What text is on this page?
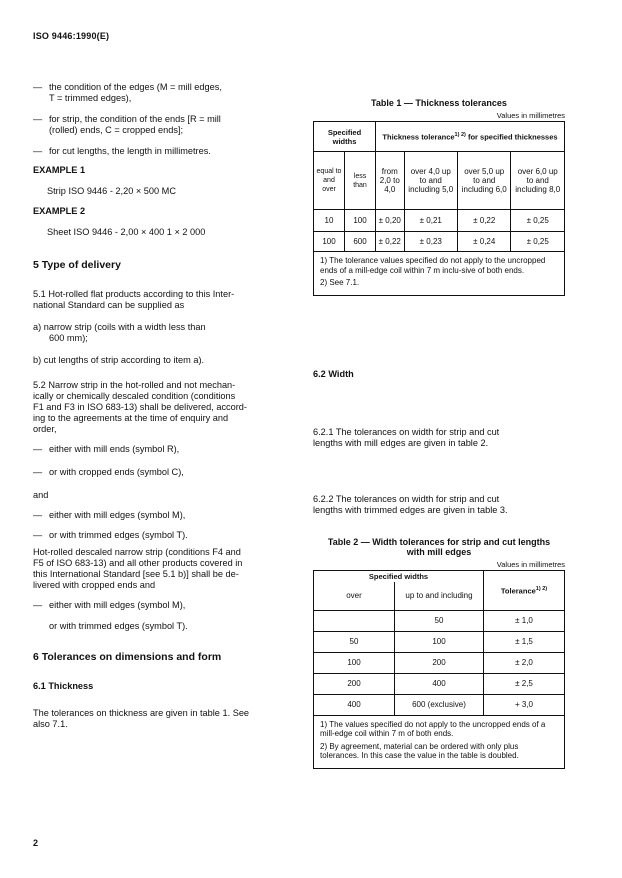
ISO 9446:1990(E)
— the condition of the edges (M = mill edges,
T = trimmed edges),
— for strip, the condition of the ends [R = mill
(rolled) ends, C = cropped ends];
— for cut lengths, the length in millimetres.

EXAMPLE 1

Strip ISO 9446 - 2,20 × 500 MC

EXAMPLE 2

Sheet ISO 9446 - 2,00 × 400 1 × 2 000

5 Type of delivery

5.1 Hot-rolled flat products according to this Inter-
national Standard can be supplied as

a) narrow strip (coils with a width less than
600 mm);

b) cut lengths of strip according to item a).

5.2 Narrow strip in the hot-rolled and not mechan-
ically or chemically descaled condition (conditions
F1 and F3 in ISO 683-13) shall be delivered, accord-
ing to the agreements at the time of enquiry and
order,

— either with mill ends (symbol R),
— or with cropped ends (symbol C),

and

— either with mill edges (symbol M),
— or with trimmed edges (symbol T).

Hot-rolled descaled narrow strip (conditions F4 and
F5 of ISO 683-13) and all other products covered in
this International Standard [see 5.1 b)] shall be de-
livered with cropped ends and

— either with mill edges (symbol M),

or with trimmed edges (symbol T).

6 Tolerances on dimensions and form

6.1 Thickness

The tolerances on thickness are given in table 1. See
also 7.1.

Table 1 — Thickness tolerances
Values in millimetres
Specified widths		Thickness tolerance$^{1) 2)}$ for specified thicknesses			
equal to and over	less than	from 2,0 to 4,0	over 4,0 up to and including 5,0	over 5,0 up to and including 6,0	over 6,0 up to and including 8,0
10	100	± 0,20	± 0,21	± 0,22	± 0,25
100	600	± 0,22	± 0,23	± 0,24	± 0,25

1) The tolerance values specified do not apply to the uncropped ends of a mill-edge coil within 7 m inclu-sive of both ends.

2) See 7.1.

6.2 Width

6.2.1 The tolerances on width for strip and cut
lengths with mill edges are given in table 2.

6.2.2 The tolerances on width for strip and cut
lengths with trimmed edges are given in table 3.

Table 2 — Width tolerances for strip and cut lengths
with mill edges
Values in millimetres
Specified widths		Tolerance$^{1) 2)}$
over	up to and including	
	50	± 1,0
50	100	± 1,5
100	200	± 2,0
200	400	± 2,5
400	600 (exclusive)	+ 3,0

1) The values specified do not apply to the uncropped ends of a mill-edge coil within 7 m of both ends.

2) By agreement, material can be ordered with only plus tolerances. In this case the value in the table is doubled.

2
